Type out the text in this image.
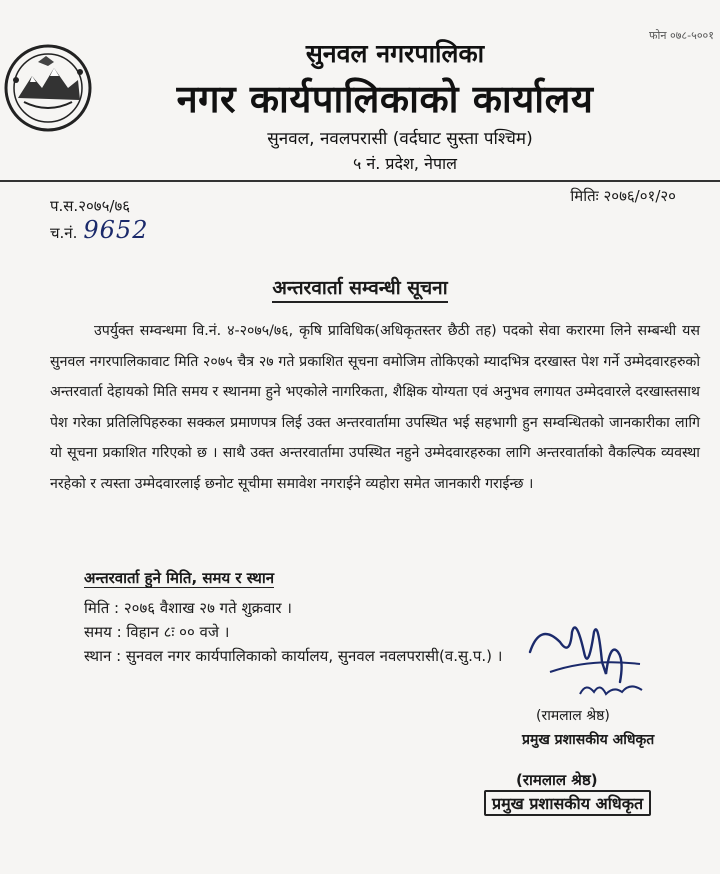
फोन ०७८-५००१
सुनवल नगरपालिका
नगर कार्यपालिकाको कार्यालय
सुनवल, नवलपरासी (वर्दघाट सुस्ता पश्चिम)
५ नं. प्रदेश, नेपाल
प.स.२०७५/७६
च.नं. 9652
मितिः २०७६/०१/२०
अन्तरवार्ता सम्वन्धी सूचना

उपर्युक्त सम्वन्धमा वि.नं. ४-२०७५/७६, कृषि प्राविधिक(अधिकृतस्तर छैठी तह) पदको सेवा करारमा लिने सम्बन्धी यस सुनवल नगरपालिकावाट मिति २०७५ चैत्र २७ गते प्रकाशित सूचना वमोजिम तोकिएको म्यादभित्र दरखास्त पेश गर्ने उम्मेदवारहरुको अन्तरवार्ता देहायको मिति समय र स्थानमा हुने भएकोले नागरिकता, शैक्षिक योग्यता एवं अनुभव लगायत उम्मेदवारले दरखास्तसाथ पेश गरेका प्रतिलिपिहरुका सक्कल प्रमाणपत्र लिई उक्त अन्तरवार्तामा उपस्थित भई सहभागी हुन सम्वन्धितको जानकारीका लागि यो सूचना प्रकाशित गरिएको छ । साथै उक्त अन्तरवार्तामा उपस्थित नहुने उम्मेदवारहरुका लागि अन्तरवार्ताको वैकल्पिक व्यवस्था नरहेको र त्यस्ता उम्मेदवारलाई छनोट सूचीमा समावेश नगराईने व्यहोरा समेत जानकारी गराईन्छ ।

अन्तरवार्ता हुने मिति, समय र स्थान
मिति : २०७६ वैशाख २७ गते शुक्रवार ।
समय : विहान ८ः ०० वजे ।
स्थान : सुनवल नगर कार्यपालिकाको कार्यालय, सुनवल नवलपरासी(व.सु.प.) ।
(रामलाल श्रेष्ठ)
प्रमुख प्रशासकीय अधिकृत
(रामलाल श्रेष्ठ)
प्रमुख प्रशासकीय अधिकृत
